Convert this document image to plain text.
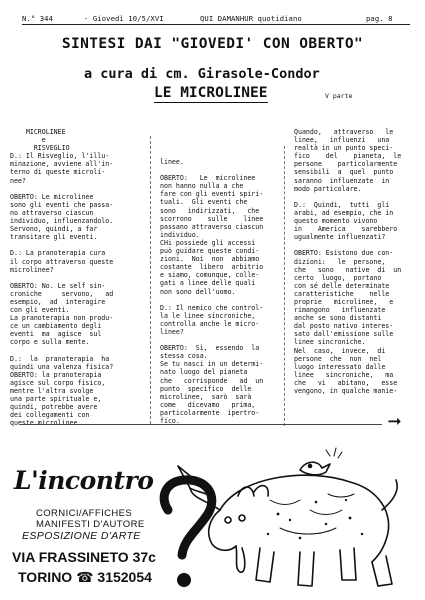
N.° 344	- Giovedì 10/5/XVI	QUI DAMANHUR quotidiano	pag. 8
SINTESI DAI "GIOVEDI' CON OBERTO"
a cura di cm. Girasole-Condor
LE MICROLINEE	V parte
MICROLINEE
e
RISVEGLIO
D.: Il Risveglio, l'illu-
minazione, avviene all'in-
terno di queste microli-
nee?

OBERTO: Le microlinee
sono gli eventi che passa-
no attraverso ciascun
individuo, influenzandolo.
Servono, quindi, a far
transitare gli eventi.

D.: La pranoterapia cura
il corpo attraverso queste
microlinee?

OBERTO: No. Le self sin-
croniche     servono,   ad
esempio,  ad  interagire
con gli eventi.
La pranoterapia non produ-
ce un cambiamento degli
eventi  ma  agisce  sul
corpo e sulla mente.

D.:  la  pranoterapia  ha
quindi una valenza fisica?
OBERTO: la pranoterapia
agisce sul corpo fisico,
mentre l'altra svolge
una parte spirituale e,
quindi, potrebbe avere
dei collegamenti con
queste microlinee.
linee.

OBERTO:   Le  microlinee
non hanno nulla a che
fare con gli eventi spiri-
tuali.  Gli eventi che
sono   indirizzati,   che
scorrono    sulle    linee
passano attraverso ciascun
individuo.
CHi possiede gli accessi
può guidare queste condi-
zioni.  Noi  non  abbiamo
costante  libero  arbitrio
e siamo, comunque, colle-
gati a linee delle quali
non sono dell'uomo.

D.: Il nemico che control-
la le linee sincroniche,
controlla anche le micro-
linee?

OBERTO:  Sì,  essendo  la
stessa cosa.
Se tu nasci in un determi-
nato luogo del pianeta
che   corrisponde   ad  un
punto  specifico  delle
microlinee,  sarò  sarà
come   dicevamo   prima,
particolarmente  ipertro-
fico.
Quando,   attraverso   le
linee,   influenzi   una
realtà in un punto speci-
fico    del    pianeta,  le
persone    particolarmente
sensibili  a  quel  punto
saranno  influenzate  in
modo particolare.

D.:  Quindi,  tutti  gli
arabi, ad esempio, che in
questo momento vivono
in    America    sarebbero
ugualmente influenzati?

OBERTO: Esistono due con-
dizioni:   le  persone,
che   sono   native  di  un
certo  luogo,  portano
con sé delle determinate
caratteristiche    nelle
proprie   microlinee,   e
rimangono   influenzate
anche se sono distanti
dal posto nativo interes-
sato dall'emissione sulle
linee sincroniche.
Nel  caso,  invece,  di
persone  che  non  nel
luogo interessato dalle
linee   sincroniche,   ma
che   vi   abitano,   esse
vengono, in qualche manie-
➞
L'incontro
CORNICI/AFFICHES
MANIFESTI D'AUTORE
ESPOSIZIONE D'ARTE
VIA FRASSINETO 37c
TORINO ☎ 3152054
